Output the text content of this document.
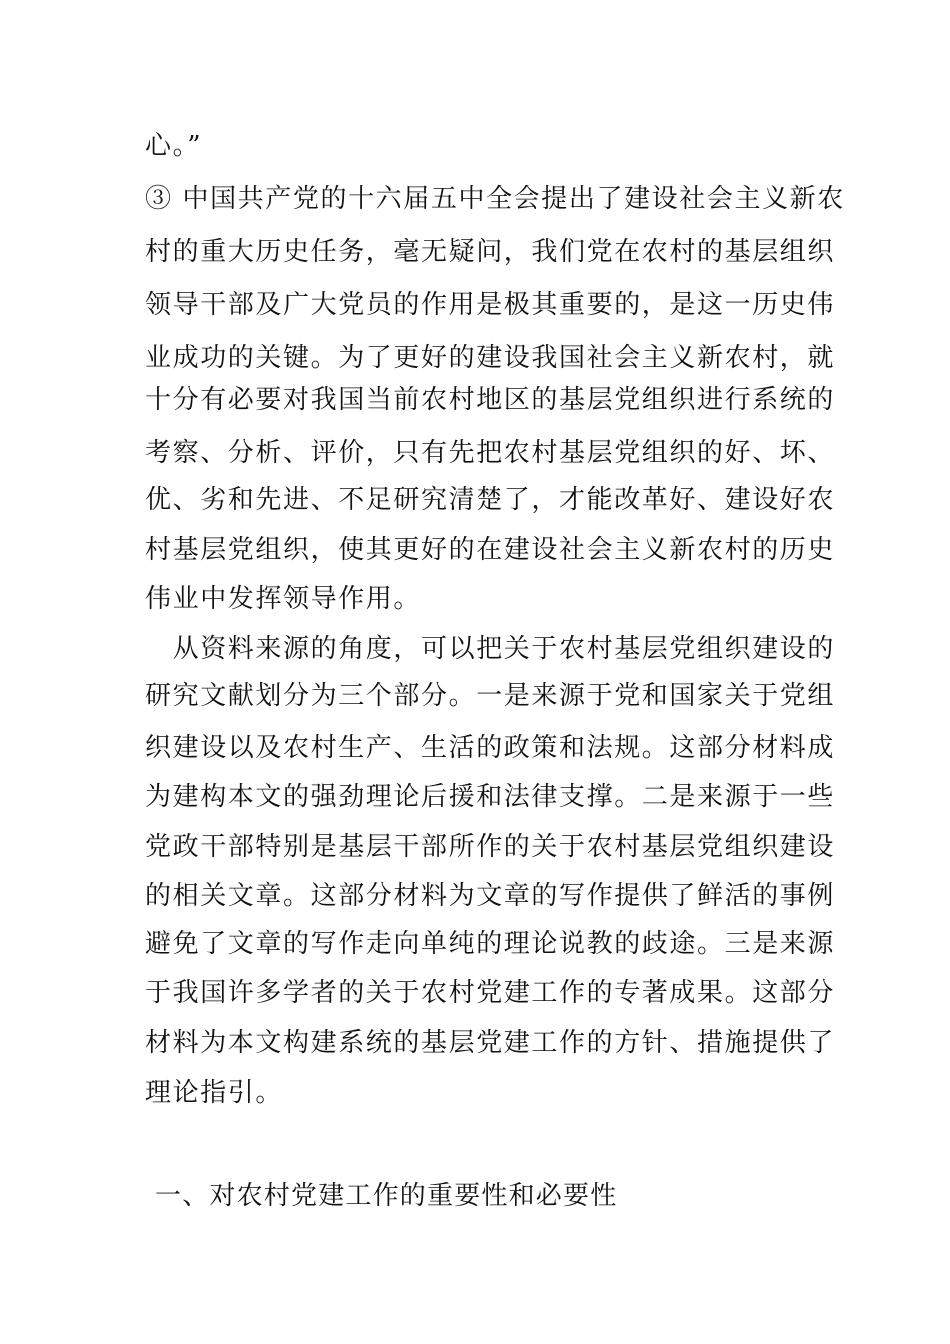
心。”
③ 中国共产党的十六届五中全会提出了建设社会主义新农
村的重大历史任务，毫无疑问，我们党在农村的基层组织
领导干部及广大党员的作用是极其重要的，是这一历史伟
业成功的关键。为了更好的建设我国社会主义新农村，就
十分有必要对我国当前农村地区的基层党组织进行系统的
考察、分析、评价，只有先把农村基层党组织的好、坏、
优、劣和先进、不足研究清楚了，才能改革好、建设好农
村基层党组织，使其更好的在建设社会主义新农村的历史
伟业中发挥领导作用。
　从资料来源的角度，可以把关于农村基层党组织建设的
研究文献划分为三个部分。一是来源于党和国家关于党组
织建设以及农村生产、生活的政策和法规。这部分材料成
为建构本文的强劲理论后援和法律支撑。二是来源于一些
党政干部特别是基层干部所作的关于农村基层党组织建设
的相关文章。这部分材料为文章的写作提供了鲜活的事例
避免了文章的写作走向单纯的理论说教的歧途。三是来源
于我国许多学者的关于农村党建工作的专著成果。这部分
材料为本文构建系统的基层党建工作的方针、措施提供了
理论指引。
一、对农村党建工作的重要性和必要性
